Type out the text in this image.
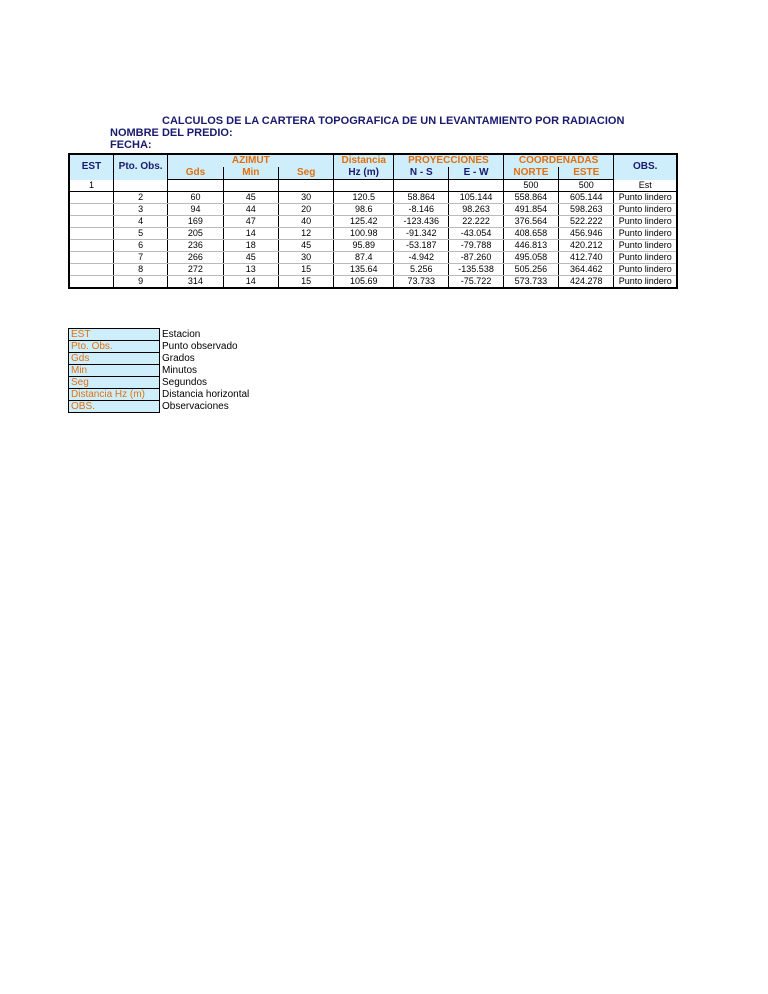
CALCULOS DE LA CARTERA TOPOGRAFICA DE UN LEVANTAMIENTO POR RADIACION
NOMBRE DEL PREDIO:
FECHA:
EST	Pto. Obs.	AZIMUT			Distancia	PROYECCIONES		COORDENADAS		OBS.
		Gds	Min	Seg	Hz (m)	N - S	E - W	NORTE	ESTE	
1								500	500	Est
	2	60	45	30	120.5	58.864	105.144	558.864	605.144	Punto lindero
	3	94	44	20	98.6	-8.146	98.263	491.854	598.263	Punto lindero
	4	169	47	40	125.42	-123.436	22.222	376.564	522.222	Punto lindero
	5	205	14	12	100.98	-91.342	-43.054	408.658	456.946	Punto lindero
	6	236	18	45	95.89	-53.187	-79.788	446.813	420.212	Punto lindero
	7	266	45	30	87.4	-4.942	-87.260	495.058	412.740	Punto lindero
	8	272	13	15	135.64	5.256	-135.538	505.256	364.462	Punto lindero
	9	314	14	15	105.69	73.733	-75.722	573.733	424.278	Punto lindero
EST	Estacion
Pto. Obs.	Punto observado
Gds	Grados
Min	Minutos
Seg	Segundos
Distancia Hz (m)	Distancia horizontal
OBS.	Observaciones
